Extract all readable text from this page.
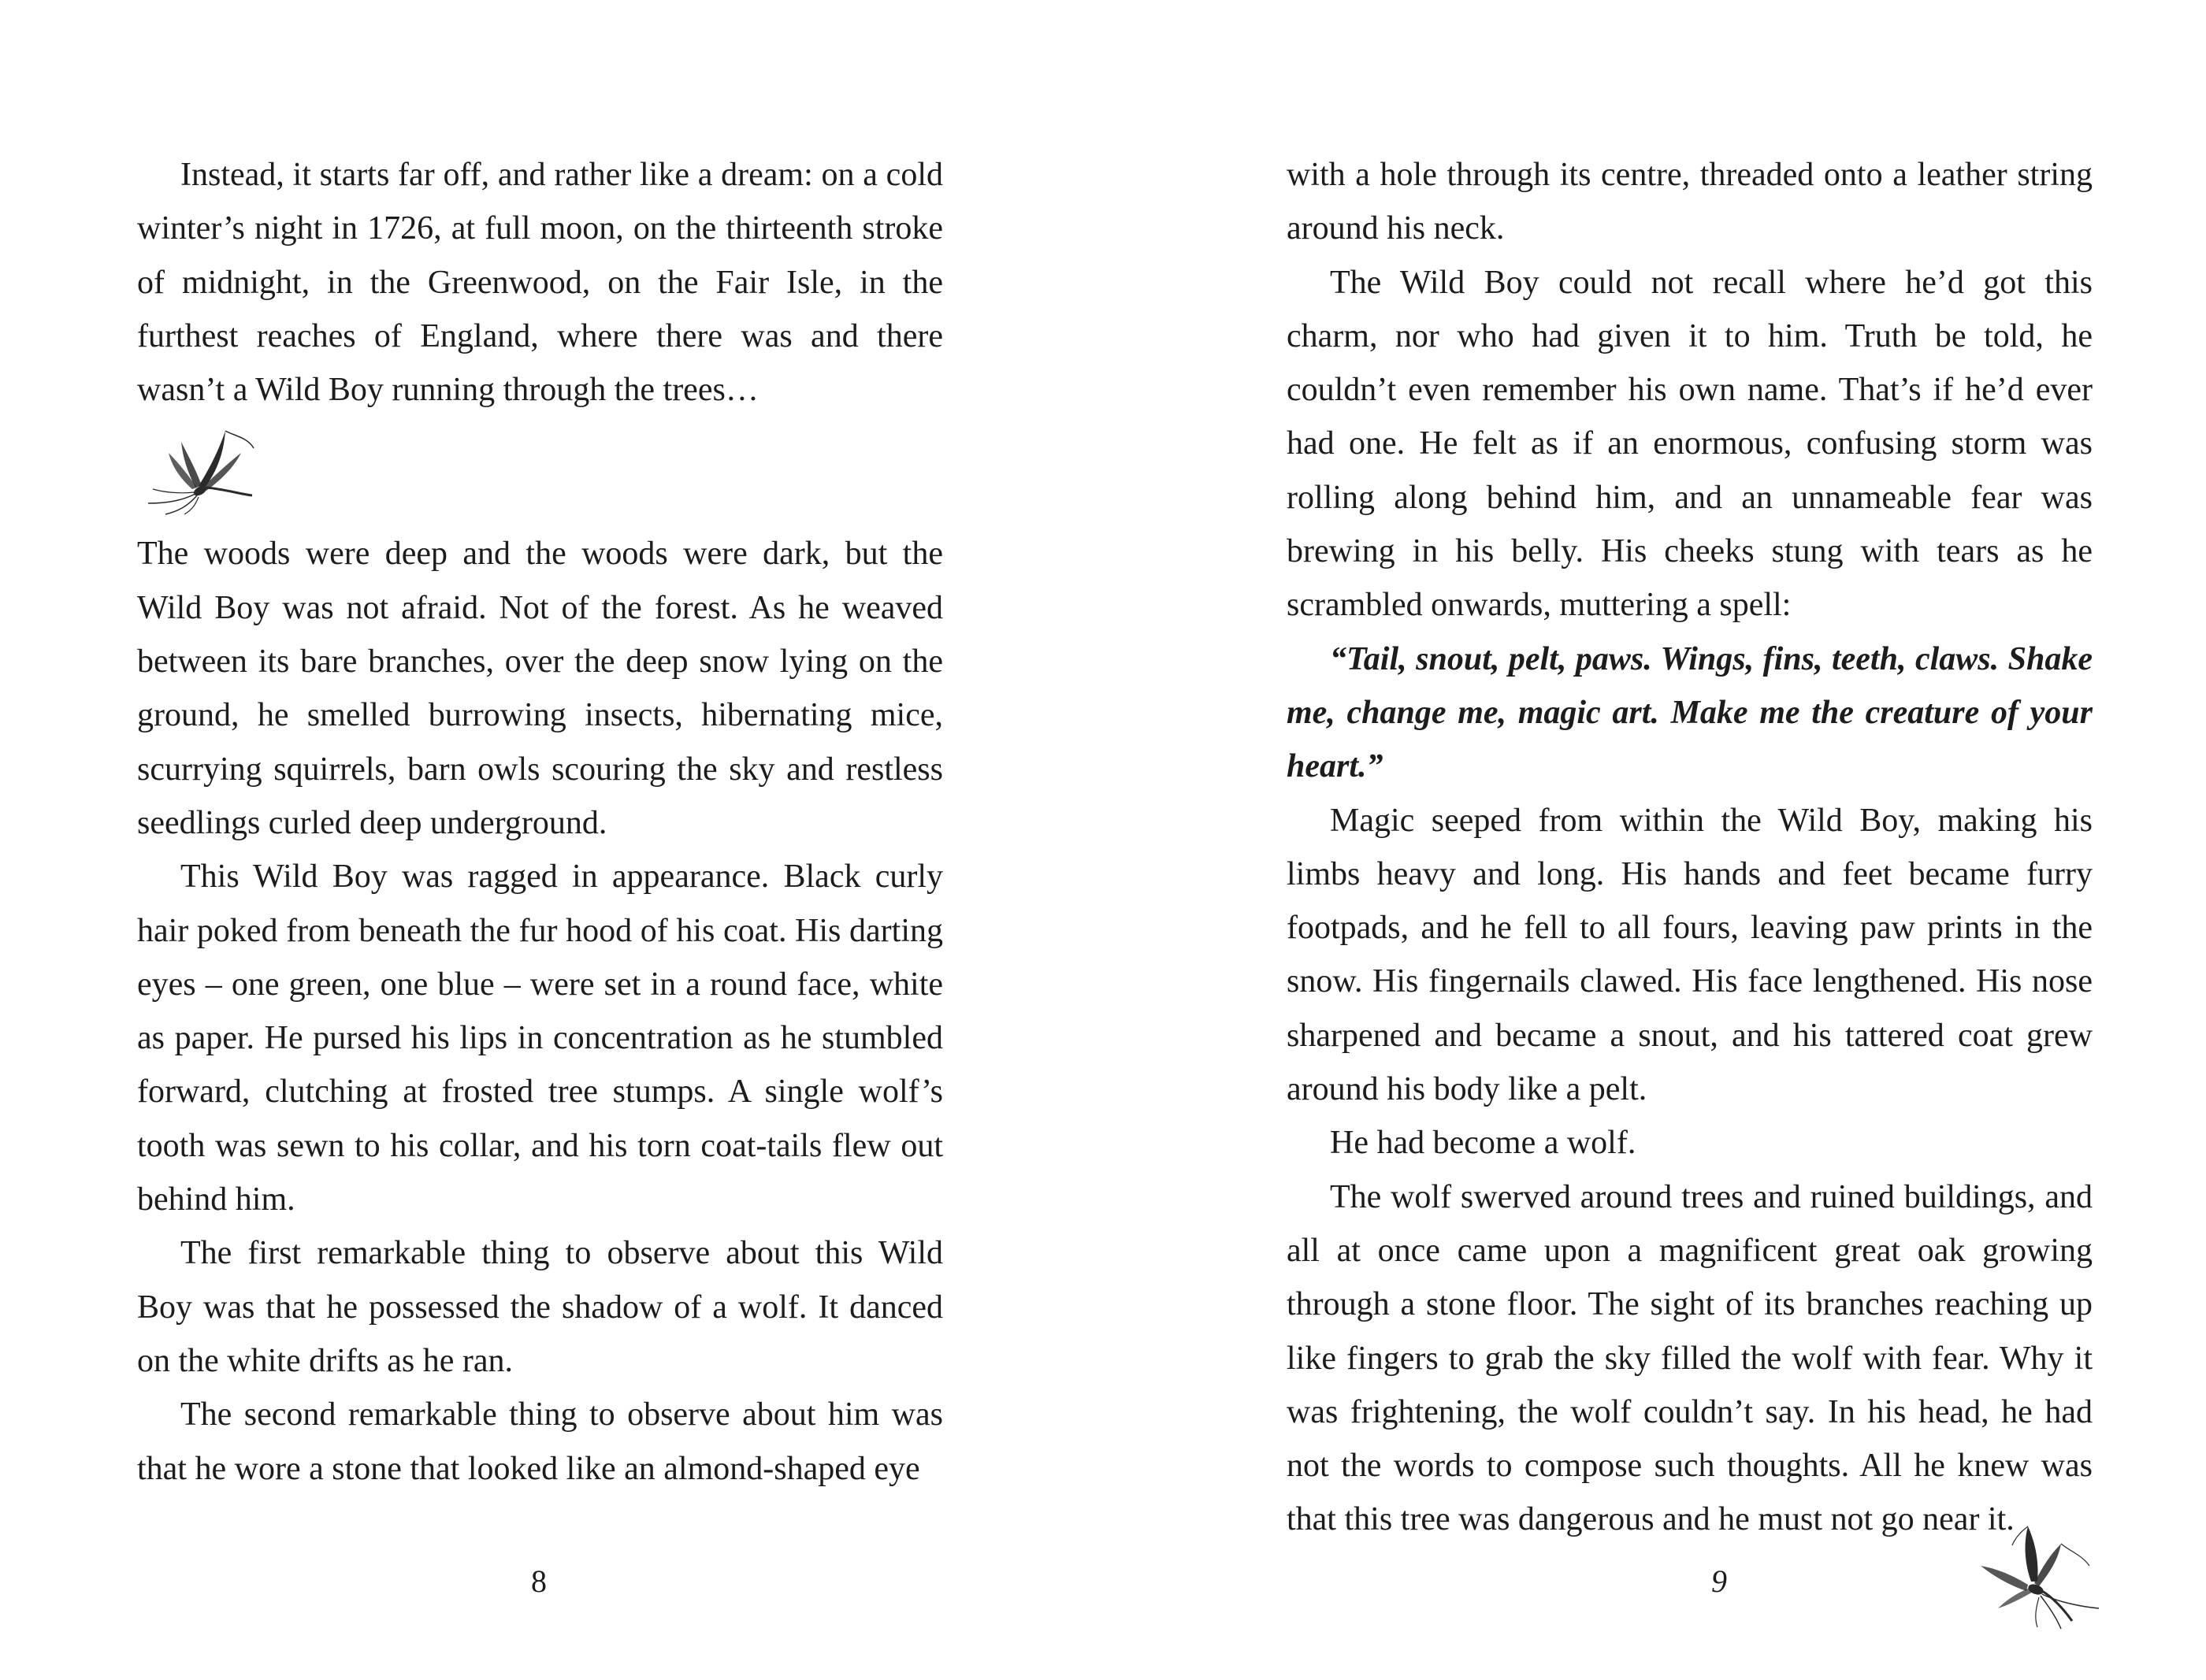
Instead, it starts far off, and rather like a dream: on a cold winter’s night in 1726, at full moon, on the thirteenth stroke of midnight, in the Greenwood, on the Fair Isle, in the furthest reaches of England, where there was and there wasn’t a Wild Boy running through the trees…

The woods were deep and the woods were dark, but the Wild Boy was not afraid. Not of the forest. As he weaved between its bare branches, over the deep snow lying on the ground, he smelled burrowing insects, hibernating mice, scurrying squirrels, barn owls scouring the sky and restless seedlings curled deep underground.

This Wild Boy was ragged in appearance. Black curly hair poked from beneath the fur hood of his coat. His darting eyes – one green, one blue – were set in a round face, white as paper. He pursed his lips in concentration as he stumbled forward, clutching at frosted tree stumps. A single wolf’s tooth was sewn to his collar, and his torn coat-tails flew out behind him.

The first remarkable thing to observe about this Wild Boy was that he possessed the shadow of a wolf. It danced on the white drifts as he ran.

The second remarkable thing to observe about him was that he wore a stone that looked like an almond-shaped eye

8

with a hole through its centre, threaded onto a leather string around his neck.

The Wild Boy could not recall where he’d got this charm, nor who had given it to him. Truth be told, he couldn’t even remember his own name. That’s if he’d ever had one. He felt as if an enormous, confusing storm was rolling along behind him, and an unnameable fear was brewing in his belly. His cheeks stung with tears as he scrambled onwards, muttering a spell:

“Tail, snout, pelt, paws. Wings, fins, teeth, claws. Shake me, change me, magic art. Make me the creature of your heart.”

Magic seeped from within the Wild Boy, making his limbs heavy and long. His hands and feet became furry footpads, and he fell to all fours, leaving paw prints in the snow. His fingernails clawed. His face lengthened. His nose sharpened and became a snout, and his tattered coat grew around his body like a pelt.

He had become a wolf.

The wolf swerved around trees and ruined buildings, and all at once came upon a magnificent great oak growing through a stone floor. The sight of its branches reaching up like fingers to grab the sky filled the wolf with fear. Why it was frightening, the wolf couldn’t say. In his head, he had not the words to compose such thoughts. All he knew was that this tree was dangerous and he must not go near it.

9
